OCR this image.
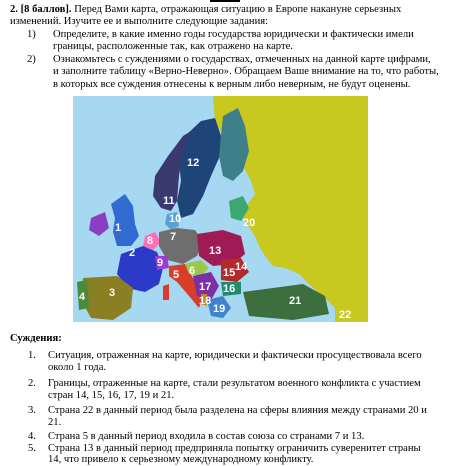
2. [8 баллов]. Перед Вами карта, отражающая ситуацию в Европе накануне серьезных
изменений. Изучите ее и выполните следующие задания:
1) Определите, в какие именно годы государства юридически и фактически имели
границы, расположенные так, как отражено на карте.
2) Ознакомьтесь с суждениями о государствах, отмеченных на данной карте цифрами,
и заполните таблицу «Верно-Неверно». Обращаем Ваше внимание на то, что работы,
в которых все суждения отнесены к верным либо неверным, не будут оценены.
12
11
10
1
2
8 7
9
13
20
3
4
5 6
17
15 14
16
18
19
21
22
Суждения:
1. Ситуация, отраженная на карте, юридически и фактически просуществовала всего
около 1 года.
2. Границы, отраженные на карте, стали результатом военного конфликта с участием
стран 14, 15, 16, 17, 19 и 21.
3. Страна 22 в данный период была разделена на сферы влияния между странами 20 и
21.
4. Страна 5 в данный период входила в состав союза со странами 7 и 13.
5. Страна 13 в данный период предприняла попытку ограничить суверенитет страны
14, что привело к серьезному международному конфликту.
